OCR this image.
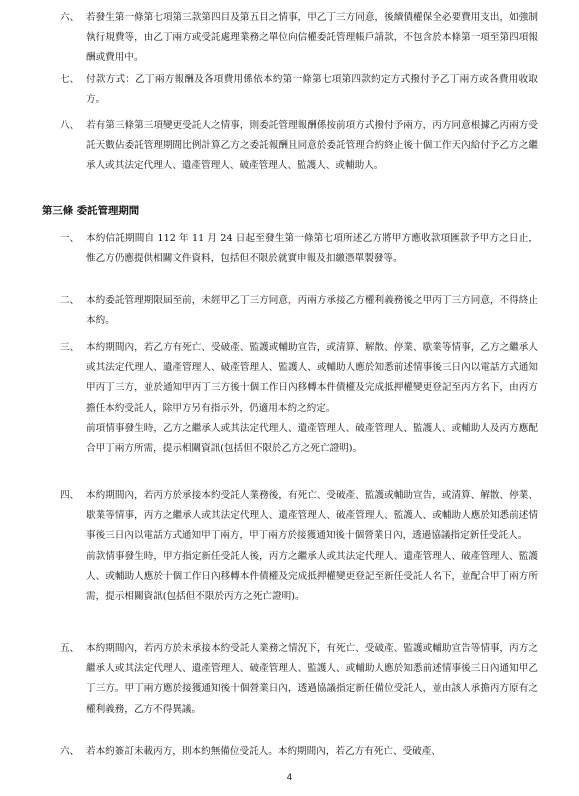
六、 若發生第一條第七項第三款第四目及第五目之情事，甲乙丁三方同意，後續債權保全必要費用支出，如強制執行規費等，由乙丁兩方或受託處理業務之單位向信權委託管理帳戶請款，不包含於本條第一項至第四項報酬或費用中。

七、 付款方式：乙丁兩方報酬及各項費用係依本約第一條第七項第四款約定方式撥付予乙丁兩方或各費用收取方。

八、 若有第三條第三項變更受託人之情事，則委託管理報酬係按前項方式撥付予兩方，丙方同意根據乙丙兩方受託天數佔委託管理期間比例計算乙方之委託報酬且同意於委託管理合約終止後十個工作天內給付予乙方之繼承人或其法定代理人、遺產管理人、破產管理人、監護人、或輔助人。

第三條 委託管理期間
一、 本約信託期間自 112 年 11 月 24 日起至發生第一條第七項所述乙方將甲方應收款項匯款予甲方之日止，惟乙方仍應提供相關文件資料，包括但不限於就實申報及扣繳憑單製發等。

二、 本約委託管理期限屆至前，未經甲乙丁三方同意，丙兩方承接乙方權利義務後之甲丙丁三方同意，不得終止本約。

三、 本約期間內，若乙方有死亡、受破產、監護或輔助宣告，或清算、解散、停業、歇業等情事，乙方之繼承人或其法定代理人、遺產管理人、破產管理人、監護人、或輔助人應於知悉前述情事後三日內以電話方式通知甲丙丁三方，並於通知甲丙丁三方後十個工作日內移轉本件債權及完成抵押權變更登記至丙方名下，由丙方擔任本約受託人，除甲方另有指示外，仍適用本約之約定。

前項情事發生時，乙方之繼承人或其法定代理人、遺產管理人、破產管理人、監護人、或輔助人及丙方應配合甲丁兩方所需，提示相關資訊(包括但不限於乙方之死亡證明)。

四、 本約期間內，若丙方於承接本約受託人業務後，有死亡、受破產、監護或輔助宣告，或清算、解散、停業、歇業等情事，丙方之繼承人或其法定代理人、遺產管理人、破產管理人、監護人、或輔助人應於知悉前述情事後三日內以電話方式通知甲丁兩方，甲丁兩方於接獲通知後十個營業日內，透過協議指定新任受託人。

前款情事發生時，甲方指定新任受託人後，丙方之繼承人或其法定代理人、遺產管理人、破產管理人、監護人、或輔助人應於十個工作日內移轉本件債權及完成抵押權變更登記至新任受託人名下，並配合甲丁兩方所需，提示相關資訊(包括但不限於丙方之死亡證明)。

五、 本約期間內，若丙方於未承接本約受託人業務之情況下，有死亡、受破產、監護或輔助宣告等情事，丙方之繼承人或其法定代理人、遺產管理人、破產管理人、監護人、或輔助人應於知悉前述情事後三日內通知甲乙丁三方。甲丁兩方應於接獲通知後十個營業日內，透過協議指定新任備位受託人，並由該人承擔丙方原有之權利義務，乙方不得異議。

六、 若本約簽訂未載丙方，則本約無備位受託人。本約期間內，若乙方有死亡、受破產、

4
